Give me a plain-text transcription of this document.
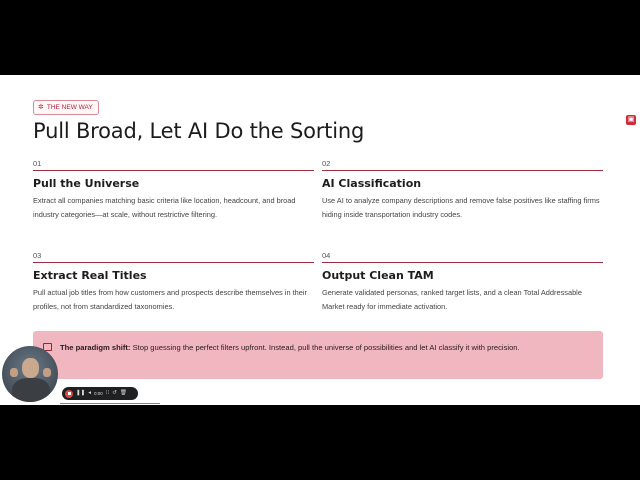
✲ THE NEW WAY
Pull Broad, Let AI Do the Sorting	▣
01
Pull the Universe
Extract all companies matching basic criteria like location, headcount, and broad industry categories—at scale, without restrictive filtering.
02
AI Classification
Use AI to analyze company descriptions and remove false positives like staffing firms hiding inside transportation industry codes.
03
Extract Real Titles
Pull actual job titles from how customers and prospects describe themselves in their profiles, not from standardized taxonomies.
04
Output Clean TAM
Generate validated personas, ranked target lists, and a clean Total Addressable Market ready for immediate activation.
The paradigm shift: Stop guessing the perfect filters upfront. Instead, pull the universe of possibilities and let AI classify it with precision.
❚❚ ◂ 0:00 ⁝⁝ ↺ 🗑
